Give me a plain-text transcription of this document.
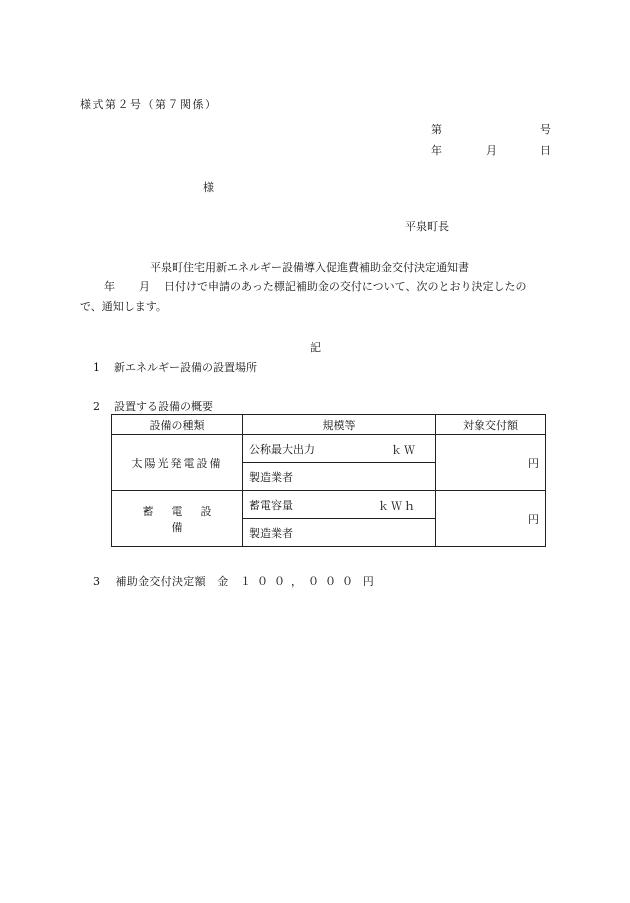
様式第２号（第７関係）
第	号
年	月	日
様
平泉町長
平泉町住宅用新エネルギー設備導入促進費補助金交付決定通知書
年 月 日付けで申請のあった標記補助金の交付について、次のとおり決定したの
で、通知します。
記
1 新エネルギー設備の設置場所
2 設置する設備の概要
設備の種類	規模等	対象交付額
太陽光発電設備	公称最大出力 ｋＷ	円
	製造業者	
蓄電設備	蓄電容量 ｋＷｈ	円
	製造業者	
3 補助金交付決定額 金 １００，０００ 円
